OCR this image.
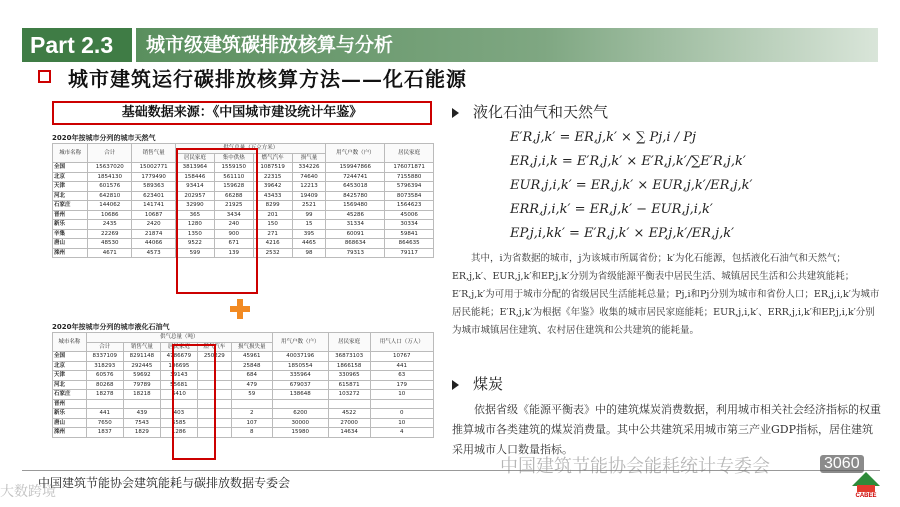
Part 2.3	城市级建筑碳排放核算与分析
城市建筑运行碳排放核算方法——化石能源
基础数据来源：《中国城市建设统计年鉴》
2020年按城市分列的城市天然气
城市名称	合计	销售气量	供气总量（万立方米）				用气户数（户）	居民家庭
			居民家庭	集中供热	燃气汽车	损气量		
全国	15637020	15002771	3813964	1559150	1087519	334226	159947866	176071871
北京	1854130	1779490	158446	561110	22315	74640	7244741	7155880
天津	601576	589363	93414	159628	39642	12213	6453018	5796394
河北	642810	623401	202957	66288	43433	19409	8425780	8073584
石家庄	144062	141741	32990	21925	8299	2521	1569480	1564623
晋州	10686	10687	365	3434	201	99	45286	45006
新乐	2435	2420	1280	240	150	15	31334	30334
辛集	22269	21874	1350	900	271	395	60091	59841
唐山	48530	44066	9522	671	4216	4465	868634	864635
滦州	4671	4573	599	139	2532	98	79313	79117
2020年按城市分列的城市液化石油气
城市名称	供气总量（吨）					用气户数（户）	居民家庭	用气人口（万人）
	合计	销售气量	居民家庭	燃气汽车	损气损失量			
全国	8337109	8291148	4786679	250229	45961	40037196	36873103	10767
北京	318293	292445	106695		25848	1850554	1866158	441
天津	60576	59692	39143		684	335964	330965	63
河北	80268	79789	55681		479	679037	615871	179
石家庄	18278	18218	6410		59	138648	103272	10
晋州								
新乐	441	439	403		2	6200	4522	0
唐山	7650	7543	6585		107	30000	27000	10
滦州	1837	1829	1286		8	15980	14634	4
液化石油气和天然气
E′R,j,k′ = ER,j,k′ × ∑ Pj,i / Pj
ER,j,i,k = E′R,j,k′ × E′R,j,k′/∑E′R,j,k′
EUR,j,i,k′ = ER,j,k′ × EUR,j,k′/ER,j,k′
ERR,j,i,k′ = ER,j,k′ − EUR,j,i,k′
EP,j,i,kk′ = E′R,j,k′ × EP,j,k′/ER,j,k′
其中，i为省数据的城市，j为该城市所属省份；k′为化石能源，包括液化石油气和天然气；ER,j,k′、EUR,j,k′和EP,j,k′分别为省级能源平衡表中居民生活、城镇居民生活和公共建筑能耗；E′R,j,k′为可用于城市分配的省级居民生活能耗总量；Pj,i和Pj分别为城市和省份人口；ER,j,i,k′为城市居民能耗；E′R,j,k′为根据《年鉴》收集的城市居民家庭能耗；EUR,j,i,k′、ERR,j,i,k′和EP,j,i,k′分别为城市城镇居住建筑、农村居住建筑和公共建筑的能耗量。
煤炭
依据省级《能源平衡表》中的建筑煤炭消费数据，利用城市相关社会经济指标的权重推算城市各类建筑的煤炭消费量。其中公共建筑采用城市第三产业GDP指标，居住建筑采用城市人口数量指标。
中国建筑节能协会建筑能耗与碳排放数据专委会
中国建筑节能协会能耗统计专委会
大数跨境
3060
CABEE
